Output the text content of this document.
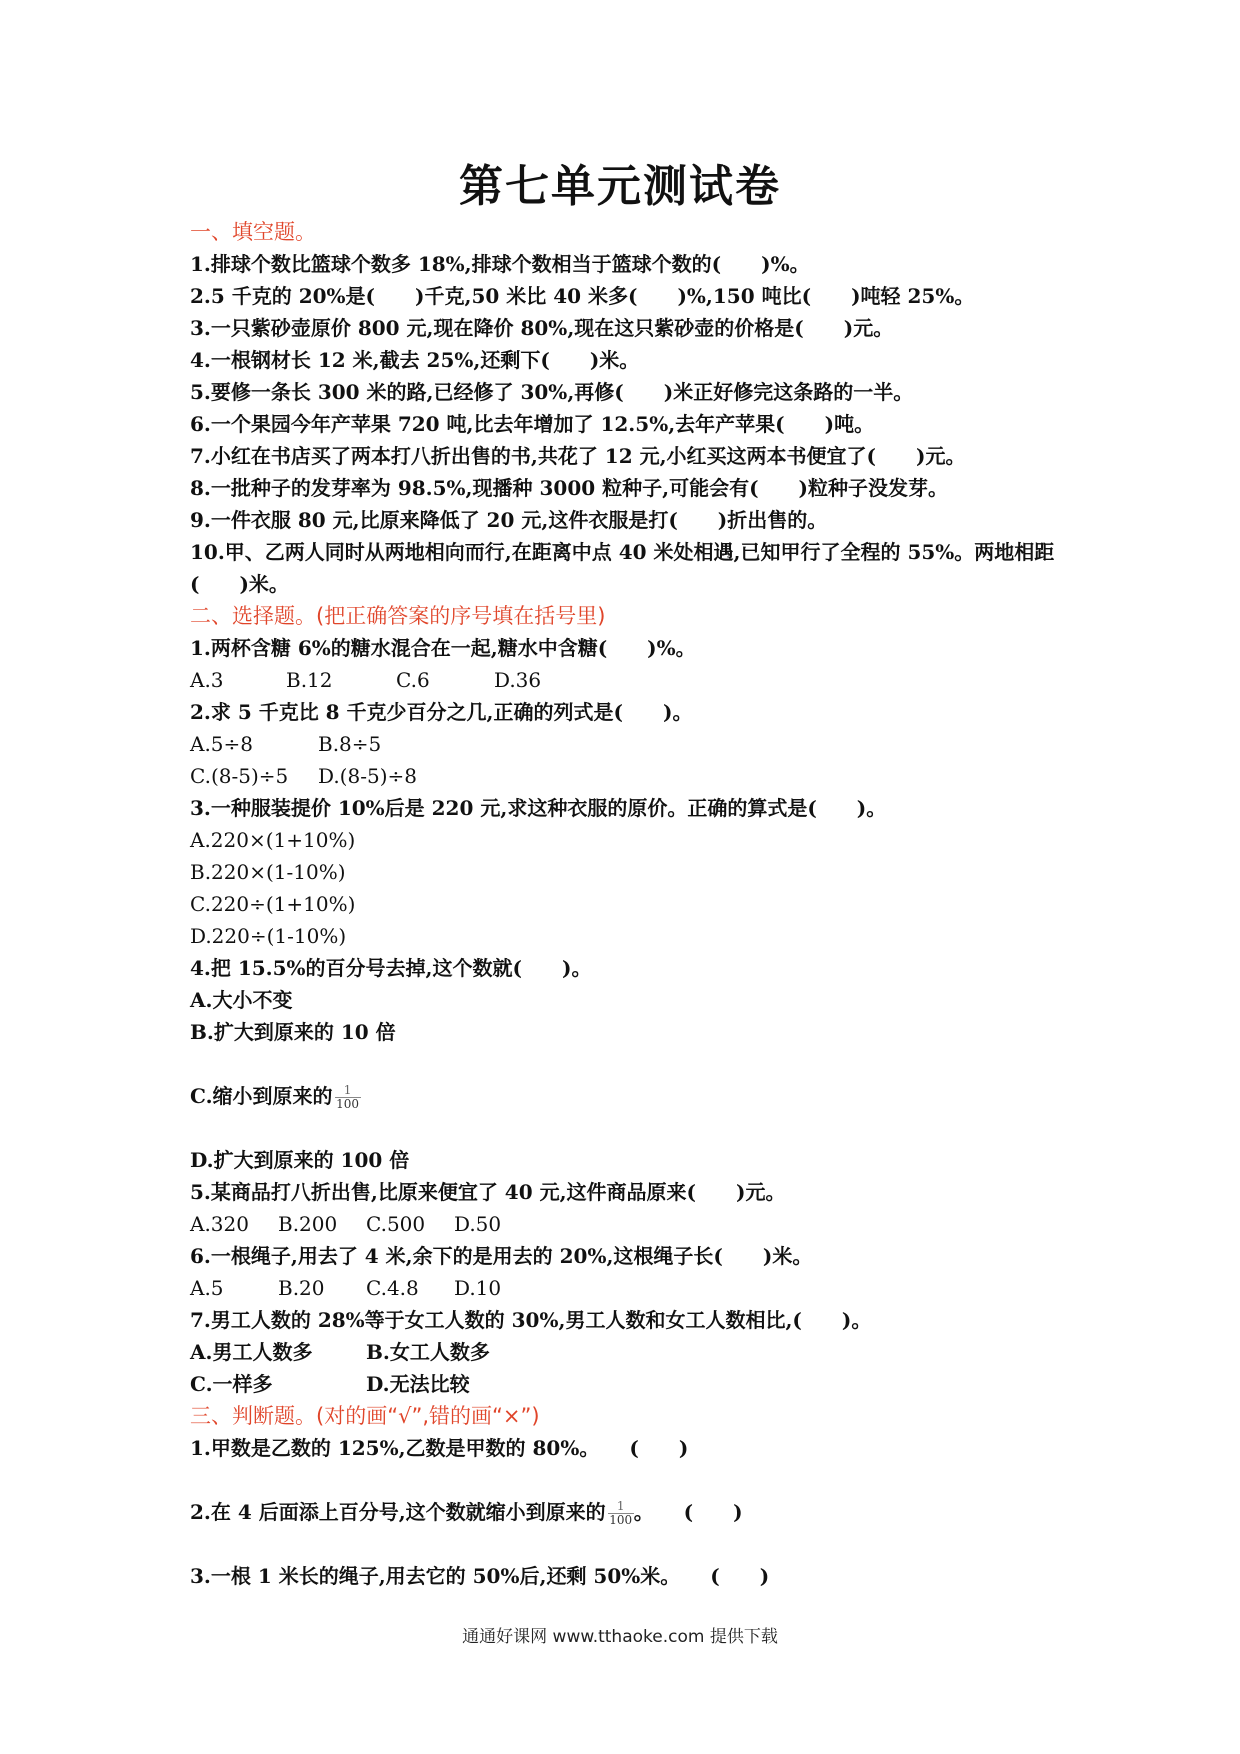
第七单元测试卷
一、填空题。
1.排球个数比篮球个数多 18%,排球个数相当于篮球个数的(　　)%。
2.5 千克的 20%是(　　)千克,50 米比 40 米多(　　)%,150 吨比(　　)吨轻 25%。
3.一只紫砂壶原价 800 元,现在降价 80%,现在这只紫砂壶的价格是(　　)元。
4.一根钢材长 12 米,截去 25%,还剩下(　　)米。
5.要修一条长 300 米的路,已经修了 30%,再修(　　)米正好修完这条路的一半。
6.一个果园今年产苹果 720 吨,比去年增加了 12.5%,去年产苹果(　　)吨。
7.小红在书店买了两本打八折出售的书,共花了 12 元,小红买这两本书便宜了(　　)元。
8.一批种子的发芽率为 98.5%,现播种 3000 粒种子,可能会有(　　)粒种子没发芽。
9.一件衣服 80 元,比原来降低了 20 元,这件衣服是打(　　)折出售的。
10.甲、乙两人同时从两地相向而行,在距离中点 40 米处相遇,已知甲行了全程的 55%。两地相距(　　)米。
二、选择题。(把正确答案的序号填在括号里)
1.两杯含糖 6%的糖水混合在一起,糖水中含糖(　　)%。
A.3	B.12	C.6	D.36
2.求 5 千克比 8 千克少百分之几,正确的列式是(　　)。
A.5÷8	B.8÷5
C.(8-5)÷5 D.(8-5)÷8
3.一种服装提价 10%后是 220 元,求这种衣服的原价。正确的算式是(　　)。
A.220×(1+10%)
B.220×(1-10%)
C.220÷(1+10%)
D.220÷(1-10%)
4.把 15.5%的百分号去掉,这个数就(　　)。
A.大小不变
B.扩大到原来的 10 倍
C.缩小到原来的 $\frac{1}{100}$
D.扩大到原来的 100 倍
5.某商品打八折出售,比原来便宜了 40 元,这件商品原来(　　)元。
A.320 B.200 C.500 D.50
6.一根绳子,用去了 4 米,余下的是用去的 20%,这根绳子长(　　)米。
A.5	B.20 C.4.8 D.10
7.男工人数的 28%等于女工人数的 30%,男工人数和女工人数相比,(　　)。
A.男工人数多	B.女工人数多
C.一样多	D.无法比较
三、判断题。(对的画“√”,错的画“×”)
1.甲数是乙数的 125%,乙数是甲数的 80%。　　(　　)
2.在 4 后面添上百分号,这个数就缩小到原来的 $\frac{1}{100}$ 。　　(　　)
3.一根 1 米长的绳子,用去它的 50%后,还剩 50%米。　　(　　)
通通好课网 www.tthaoke.com 提供下载
